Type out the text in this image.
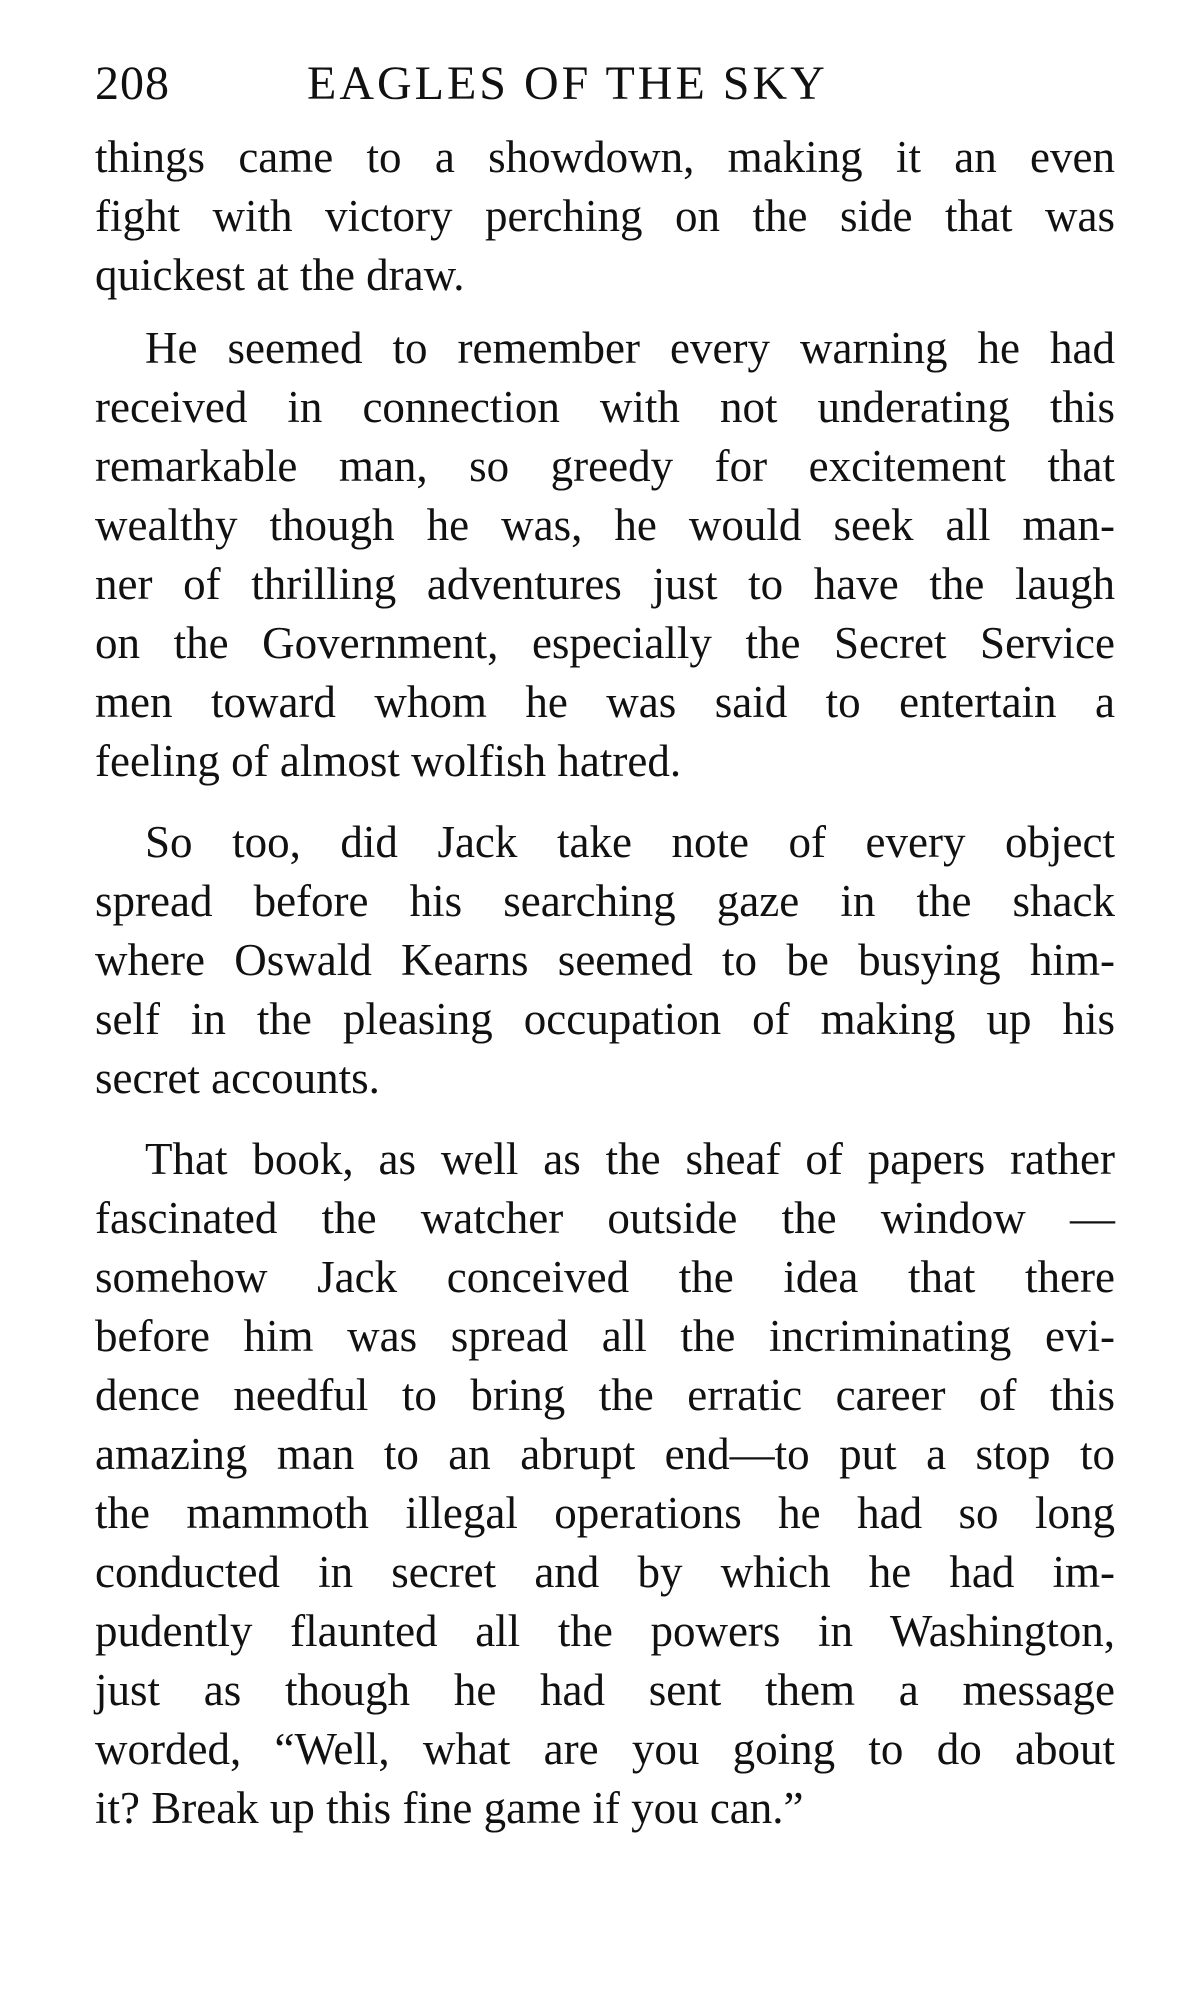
208	EAGLES OF THE SKY
things came to a showdown, making it an even
fight with victory perching on the side that was
quickest at the draw.
He seemed to remember every warning he had
received in connection with not underating this
remarkable man, so greedy for excitement that
wealthy though he was, he would seek all man-
ner of thrilling adventures just to have the laugh
on the Government, especially the Secret Service
men toward whom he was said to entertain a
feeling of almost wolfish hatred.
So too, did Jack take note of every object
spread before his searching gaze in the shack
where Oswald Kearns seemed to be busying him-
self in the pleasing occupation of making up his
secret accounts.
That book, as well as the sheaf of papers rather
fascinated the watcher outside the window —
somehow Jack conceived the idea that there
before him was spread all the incriminating evi-
dence needful to bring the erratic career of this
amazing man to an abrupt end—to put a stop to
the mammoth illegal operations he had so long
conducted in secret and by which he had im-
pudently flaunted all the powers in Washington,
just as though he had sent them a message
worded, “Well, what are you going to do about
it? Break up this fine game if you can.”
